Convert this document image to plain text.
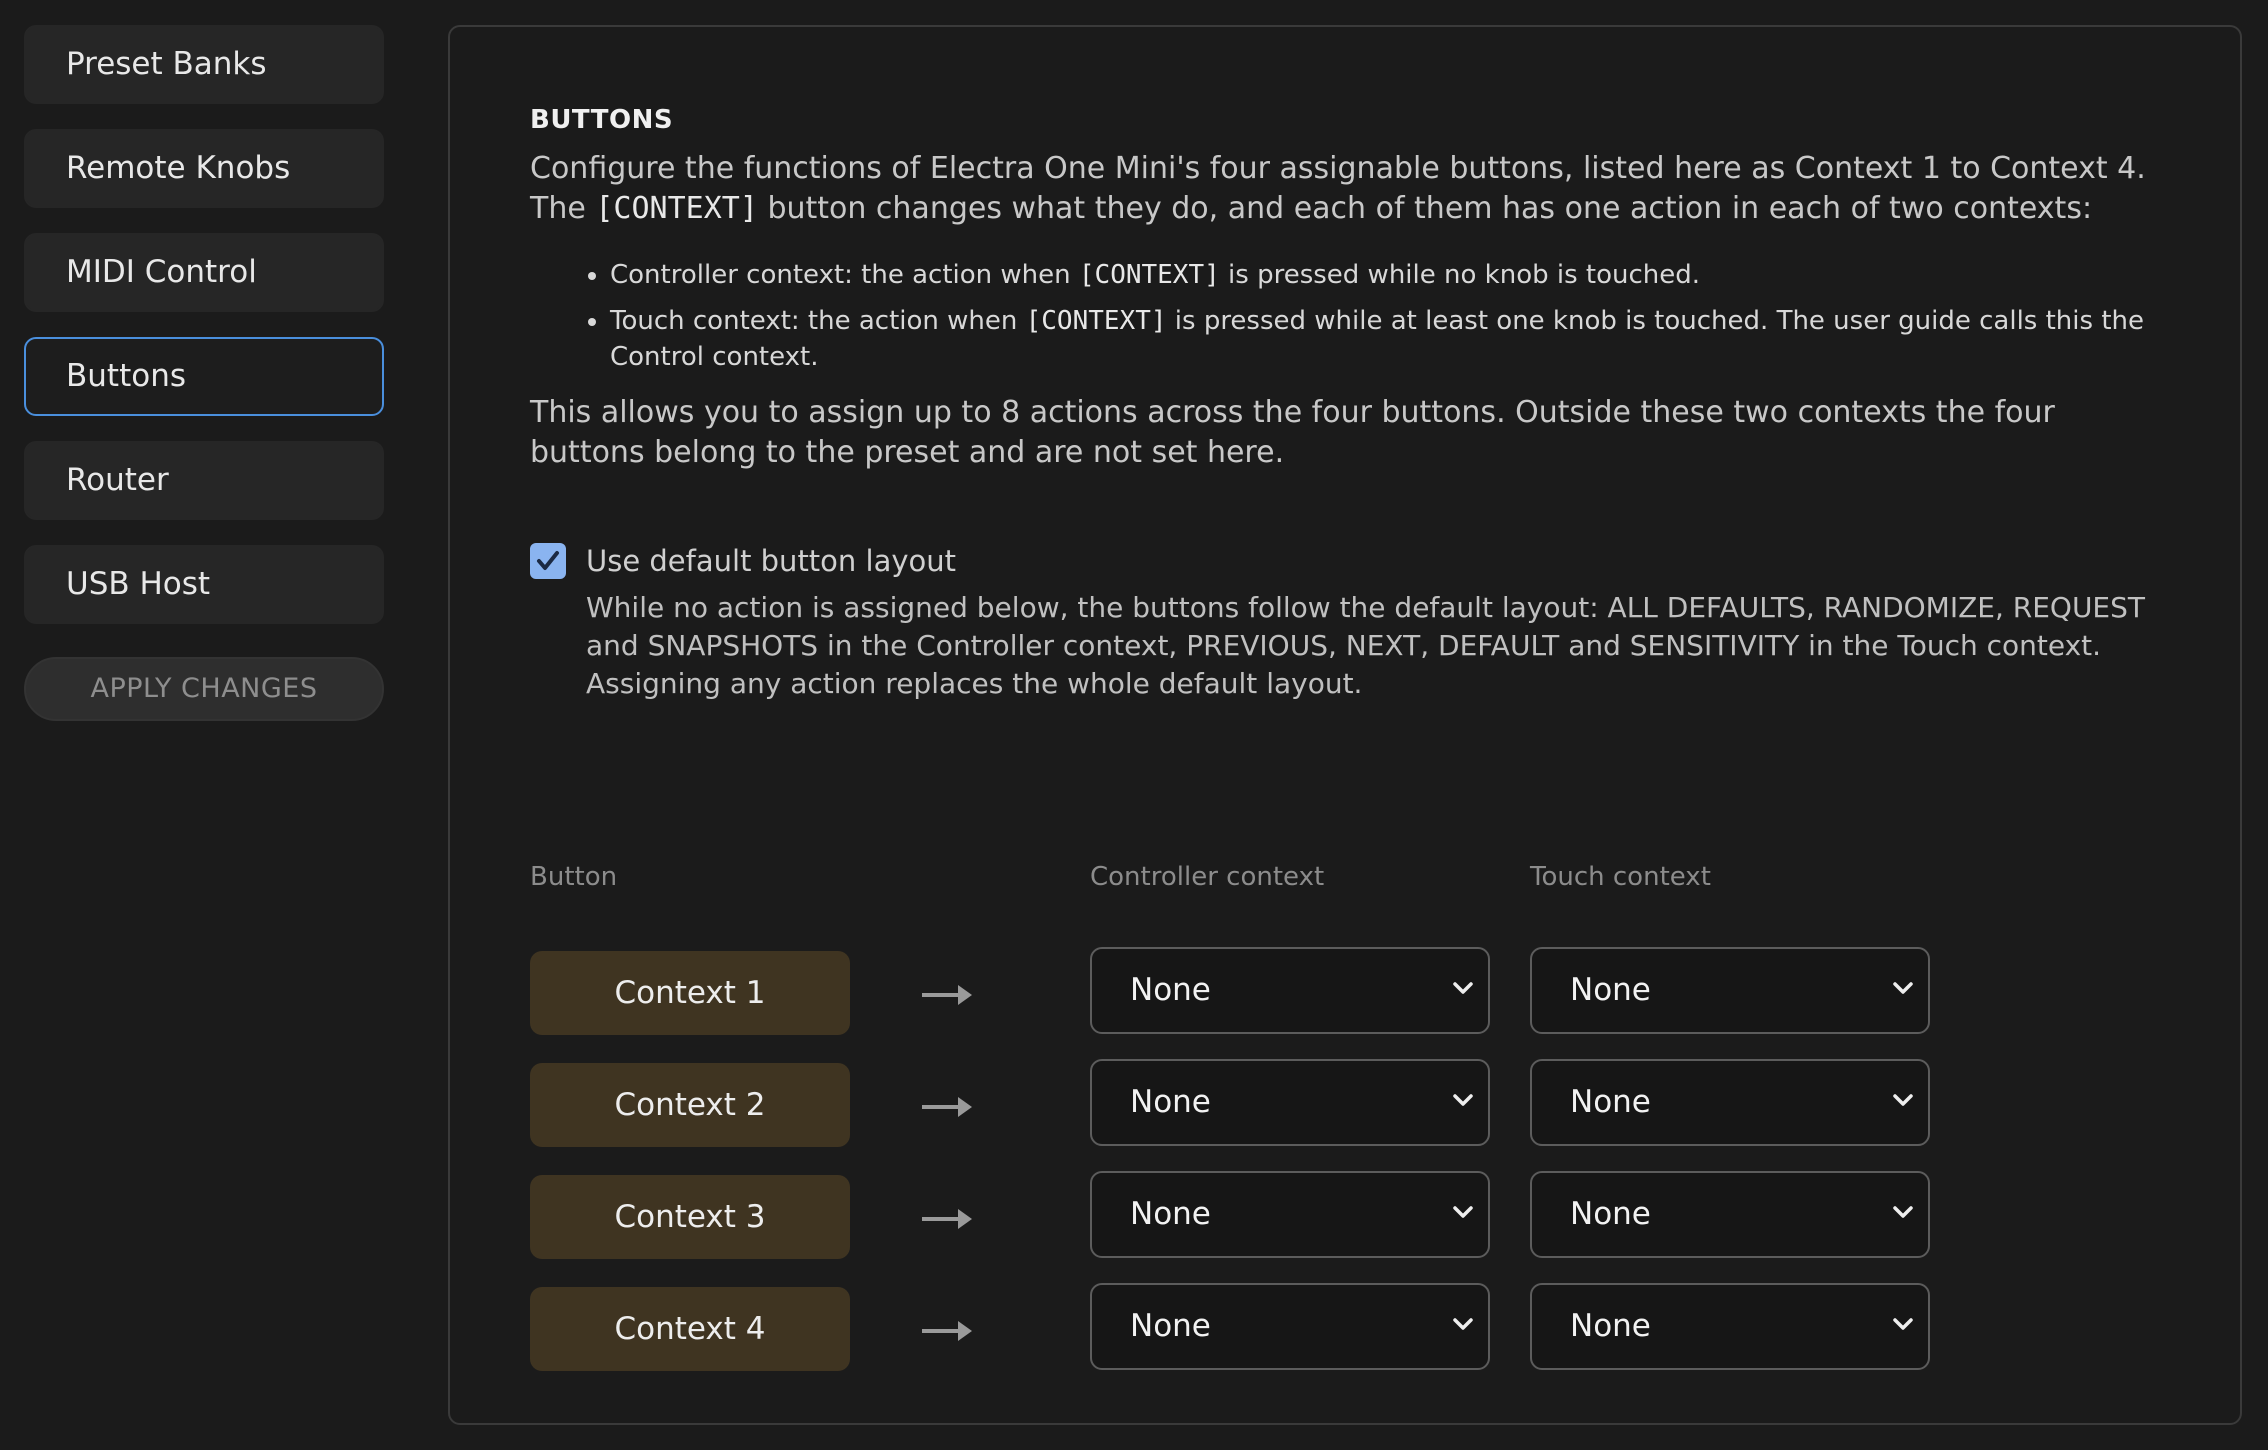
Preset Banks
Remote Knobs
MIDI Control
Buttons
Router
USB Host
APPLY CHANGES
BUTTONS

Configure the functions of Electra One Mini's four assignable buttons, listed here as Context 1 to Context 4.
The [CONTEXT] button changes what they do, and each of them has one action in each of two contexts:

• Controller context: the action when [CONTEXT] is pressed while no knob is touched.
• Touch context: the action when [CONTEXT] is pressed while at least one knob is touched. The user guide calls this the Control context.

This allows you to assign up to 8 actions across the four buttons. Outside these two contexts the four buttons belong to the preset and are not set here.

Use default button layout
While no action is assigned below, the buttons follow the default layout: ALL DEFAULTS, RANDOMIZE, REQUEST and SNAPSHOTS in the Controller context, PREVIOUS, NEXT, DEFAULT and SENSITIVITY in the Touch context. Assigning any action replaces the whole default layout.
Button	Controller context	Touch context
Context 1	None	None
Context 2	None	None
Context 3	None	None
Context 4	None	None
